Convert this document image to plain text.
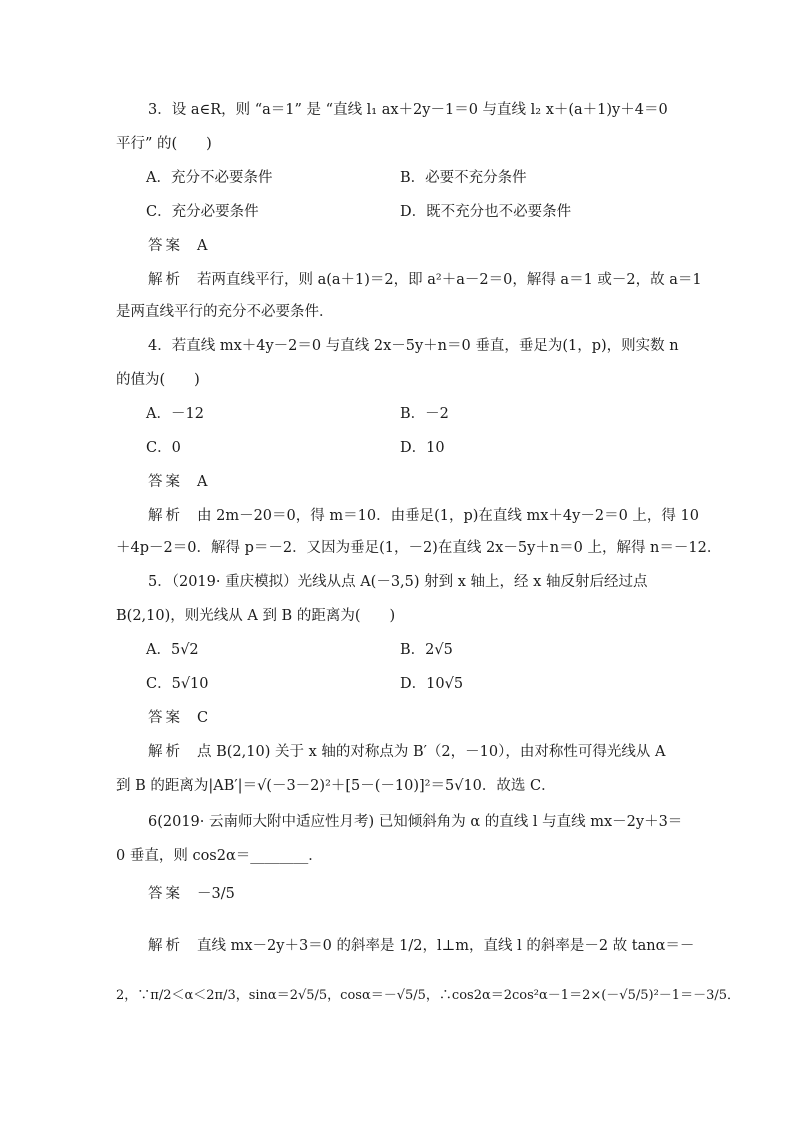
3．设 a∈R，则 “a＝1” 是 “直线 l₁ ax＋2y－1＝0 与直线 l₂ x＋(a＋1)y＋4＝0
平行” 的(　　)
A．充分不必要条件	B．必要不充分条件
C．充分必要条件	D．既不充分也不必要条件
答案 A
解析 若两直线平行，则 a(a＋1)＝2，即 a²＋a－2＝0，解得 a＝1 或－2，故 a＝1
是两直线平行的充分不必要条件．
4．若直线 mx＋4y－2＝0 与直线 2x－5y＋n＝0 垂直，垂足为(1，p)，则实数 n
的值为(　　)
A．－12	B．－2
C．0	D．10
答案 A
解析 由 2m－20＝0，得 m＝10．由垂足(1，p)在直线 mx＋4y－2＝0 上，得 10
＋4p－2＝0．解得 p＝－2．又因为垂足(1，－2)在直线 2x－5y＋n＝0 上，解得 n＝－12．
5．（2019· 重庆模拟）光线从点 A(－3,5) 射到 x 轴上，经 x 轴反射后经过点
B(2,10)，则光线从 A 到 B 的距离为(　　)
A．5√2	B．2√5
C．5√10	D．10√5
答案 C
解析 点 B(2,10) 关于 x 轴的对称点为 B′（2，－10），由对称性可得光线从 A
到 B 的距离为|AB′|＝√(－3－2)²＋[5－(－10)]²＝5√10．故选 C．
6(2019· 云南师大附中适应性月考) 已知倾斜角为 α 的直线 l 与直线 mx－2y＋3＝
0 垂直，则 cos2α＝________．
答案 －3/5
解析 直线 mx－2y＋3＝0 的斜率是 1/2，l⊥m，直线 l 的斜率是－2 故 tanα＝－
2，∵π/2＜α＜2π/3，sinα＝2√5/5，cosα＝－√5/5，∴cos2α＝2cos²α－1＝2×(－√5/5)²－1＝－3/5．
